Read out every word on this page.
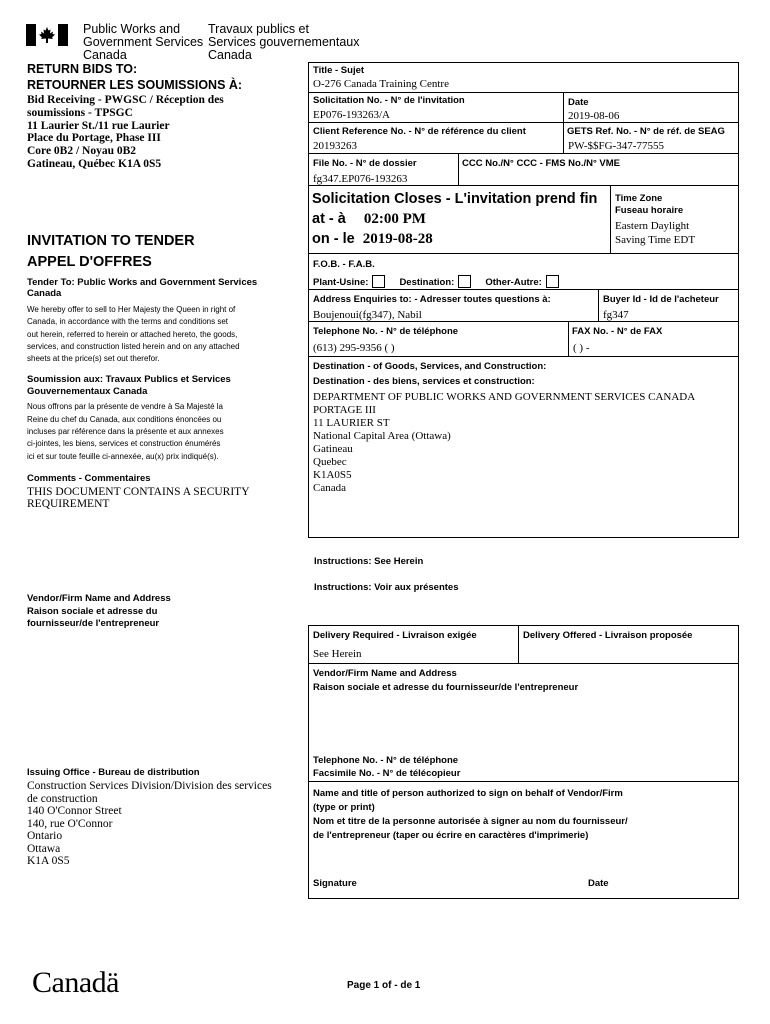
Public Works and
Government Services
Canada
Travaux publics et
Services gouvernementaux
Canada
RETURN BIDS TO:
RETOURNER LES SOUMISSIONS À:
Bid Receiving - PWGSC / Réception des
soumissions - TPSGC
11 Laurier St./11 rue Laurier
Place du Portage, Phase III
Core 0B2 / Noyau 0B2
Gatineau, Québec K1A 0S5
INVITATION TO TENDER
APPEL D'OFFRES
Tender To: Public Works and Government Services
Canada
We hereby offer to sell to Her Majesty the Queen in right of
Canada, in accordance with the terms and conditions set
out herein, referred to herein or attached hereto, the goods,
services, and construction listed herein and on any attached
sheets at the price(s) set out therefor.
Soumission aux: Travaux Publics et Services
Gouvernementaux Canada
Nous offrons par la présente de vendre à Sa Majesté la
Reine du chef du Canada, aux conditions énoncées ou
incluses par référence dans la présente et aux annexes
ci-jointes, les biens, services et construction énumérés
ici et sur toute feuille ci-annexée, au(x) prix indiqué(s).
Comments - Commentaires
THIS DOCUMENT CONTAINS A SECURITY
REQUIREMENT
Vendor/Firm Name and Address
Raison sociale et adresse du
fournisseur/de l'entrepreneur
Issuing Office - Bureau de distribution
Construction Services Division/Division des services
de construction
140 O'Connor Street
140, rue O'Connor
Ontario
Ottawa
K1A 0S5
Title - Sujet
O-276 Canada Training Centre
Solicitation No. - N° de l'invitation
EP076-193263/A
Date
2019-08-06
Client Reference No. - N° de référence du client
20193263
GETS Ref. No. - N° de réf. de SEAG
PW-$$FG-347-77555
File No. - N° de dossier
fg347.EP076-193263
CCC No./N° CCC - FMS No./N° VME
Solicitation Closes - L'invitation prend fin
at - à 02:00 PM
on - le 2019-08-28
Time Zone
Fuseau horaire
Eastern Daylight
Saving Time EDT
F.O.B. - F.A.B.
Plant-Usine:	Destination:	Other-Autre:
Address Enquiries to: - Adresser toutes questions à:
Boujenoui(fg347), Nabil
Buyer Id - Id de l'acheteur
fg347
Telephone No. - N° de téléphone
(613) 295-9356 ( )
FAX No. - N° de FAX
( ) -
Destination - of Goods, Services, and Construction:
Destination - des biens, services et construction:
DEPARTMENT OF PUBLIC WORKS AND GOVERNMENT SERVICES CANADA
PORTAGE III
11 LAURIER ST
National Capital Area (Ottawa)
Gatineau
Quebec
K1A0S5
Canada
Instructions: See Herein
Instructions: Voir aux présentes
Delivery Required - Livraison exigée
See Herein
Delivery Offered - Livraison proposée
Vendor/Firm Name and Address
Raison sociale et adresse du fournisseur/de l'entrepreneur
Telephone No. - N° de téléphone
Facsimile No. - N° de télécopieur
Name and title of person authorized to sign on behalf of Vendor/Firm
(type or print)
Nom et titre de la personne autorisée à signer au nom du fournisseur/
de l'entrepreneur (taper ou écrire en caractères d'imprimerie)
Signature	Date
Canadä	Page 1 of - de 1
